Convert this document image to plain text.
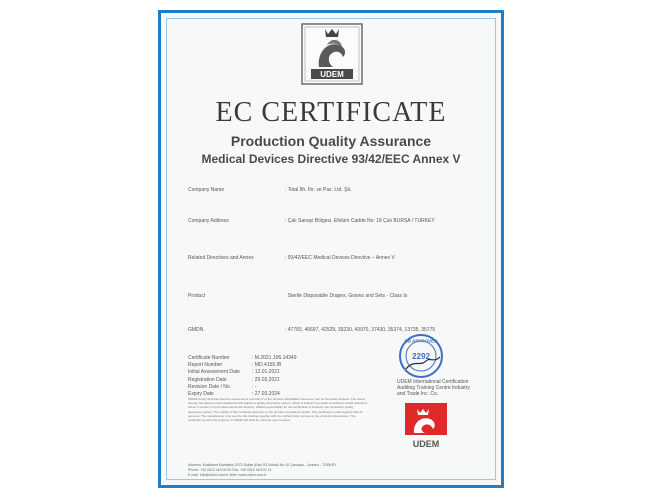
UDEM
EC CERTIFICATE
Production Quality Assurance
Medical Devices Directive 93/42/EEC Annex V
Company Name	: Total İth. İhr. ve Paz. Ltd. Şti.
Company Address	: Çalı Sanayi Bölgesi, Efelüm Cadde No: 18 Çalı BURSA / TURKEY
Related Directives and Annex	: 93/42/EEC Medical Devices Directive – Annex V
Product	: Sterile Disposable Drapes, Gowns and Sets - Class Is
GMDN	: 47783, 46697, 42529, 39230, 43970, 37430, 35374, 13735, 35775
Certificate Number	: M.2021.106.14349
Report Number	: MD.4159.IB
Initial Assessment Date : 12.01.2021
Registration Date	: 29.03.2021
Revision Date / No.	: -
Expiry Date	: 27.03.2024
NB APPROVED
2292
UDEM International Certification
Auditing Training Centre Industry
and Trade Inc. Co.
UDEM hereby declares that the requirements of Annex V of the directive 93/42/EEC have been met for the listed products. The above named manufacturer has established and applies a quality assurance system, which is subject to periodic surveillance audits defined in Annex V section 4 of the aforementioned directive. UDEM responsibility for CE certification is limited to the production quality assurance system. The validity of this certificate depends on the periodic surveillance audits. This certificate is valid together with its annexes. The manufacturer may use the CE marking together with the notified body number on the products listed above. The certificate remains the property of UDEM and shall be returned upon request.
UDEM
Address: Mutlukent Mahallesi 2073 Sokak (Eski 93 Sokak) No:10 Çankaya – Ankara – TURKEY
Phone: +90 0312 443 03 90 Fax: +90 0312 443 03 74
E-mail: info@udem.com.tr Web: www.udem.com.tr
